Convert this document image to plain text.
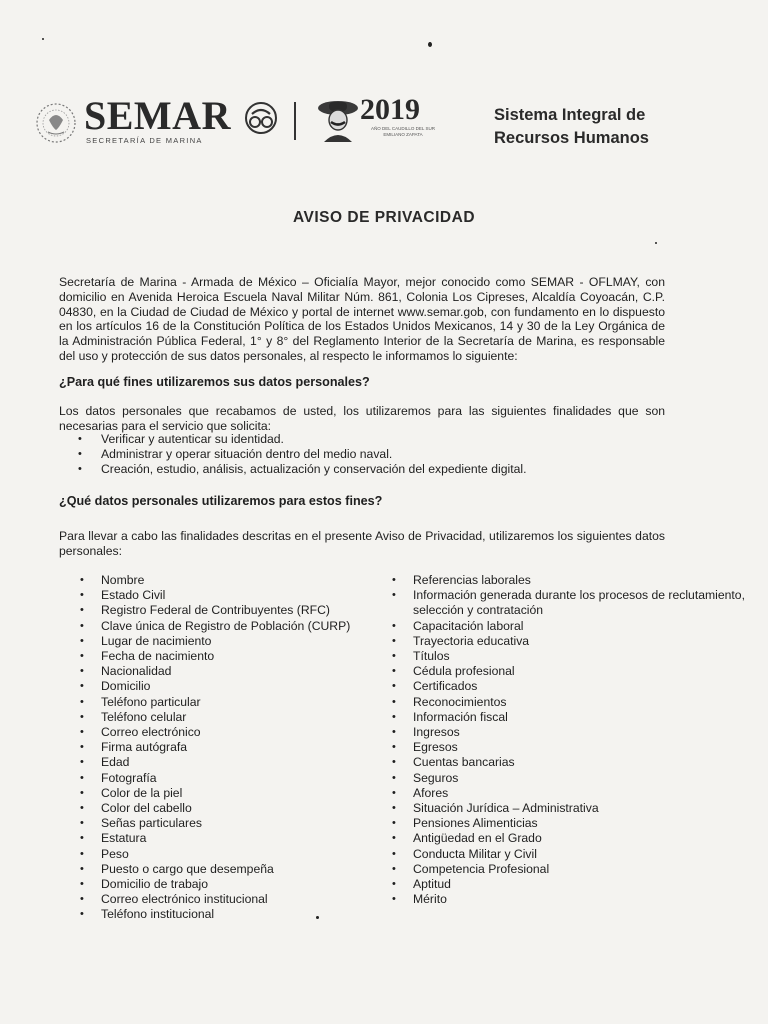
SEMAR
SECRETARÍA DE MARINA
2019
AÑO DEL CAUDILLO DEL SUR EMILIANO ZAPATA
Sistema Integral de
Recursos Humanos
AVISO DE PRIVACIDAD
Secretaría de Marina - Armada de México – Oficialía Mayor, mejor conocido como SEMAR - OFLMAY, con domicilio en Avenida Heroica Escuela Naval Militar Núm. 861, Colonia Los Cipreses, Alcaldía Coyoacán, C.P. 04830, en la Ciudad de Ciudad de México y portal de internet www.semar.gob, con fundamento en lo dispuesto en los artículos 16 de la Constitución Política de los Estados Unidos Mexicanos, 14 y 30 de la Ley Orgánica de la Administración Pública Federal, 1° y 8° del Reglamento Interior de la Secretaría de Marina, es responsable del uso y protección de sus datos personales, al respecto le informamos lo siguiente:
¿Para qué fines utilizaremos sus datos personales?
Los datos personales que recabamos de usted, los utilizaremos para las siguientes finalidades que son necesarias para el servicio que solicita:
• Verificar y autenticar su identidad.
• Administrar y operar situación dentro del medio naval.
• Creación, estudio, análisis, actualización y conservación del expediente digital.
¿Qué datos personales utilizaremos para estos fines?
Para llevar a cabo las finalidades descritas en el presente Aviso de Privacidad, utilizaremos los siguientes datos personales:
• Nombre
• Estado Civil
• Registro Federal de Contribuyentes (RFC)
• Clave única de Registro de Población (CURP)
• Lugar de nacimiento
• Fecha de nacimiento
• Nacionalidad
• Domicilio
• Teléfono particular
• Teléfono celular
• Correo electrónico
• Firma autógrafa
• Edad
• Fotografía
• Color de la piel
• Color del cabello
• Señas particulares
• Estatura
• Peso
• Puesto o cargo que desempeña
• Domicilio de trabajo
• Correo electrónico institucional
• Teléfono institucional
• Referencias laborales
• Información generada durante los procesos de reclutamiento, selección y contratación
• Capacitación laboral
• Trayectoria educativa
• Títulos
• Cédula profesional
• Certificados
• Reconocimientos
• Información fiscal
• Ingresos
• Egresos
• Cuentas bancarias
• Seguros
• Afores
• Situación Jurídica – Administrativa
• Pensiones Alimenticias
• Antigüedad en el Grado
• Conducta Militar y Civil
• Competencia Profesional
• Aptitud
• Mérito
